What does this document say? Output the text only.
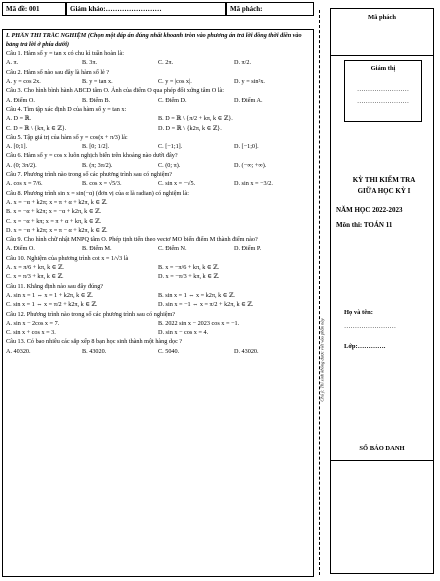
Mã đề: 001	Giám khảo:……………………	Mã phách:

I. PHẦN THI TRẮC NGHIỆM (Chọn một đáp án đúng nhất khoanh tròn vào phương án trả lời đồng thời điền vào bảng trả lời ở phía dưới)

Câu 1. Hàm số y = tan x có chu kì tuần hoàn là:

A. π.	B. 3π.	C. 2π.	D. π/2.

Câu 2. Hàm số nào sau đây là hàm số lẻ ?

A. y = cos 2x.	B. y = tan x.	C. y = |cos x|.	D. y = sin²x.

Câu 3. Cho hình bình hành ABCD tâm O. Ảnh của điểm O qua phép đối xứng tâm O là:

A. Điểm O.	B. Điểm B.	C. Điểm D.	D. Điểm A.

Câu 4. Tìm tập xác định D của hàm số y = tan x:

A. D = ℝ.	B. D = ℝ \ {π/2 + kπ, k ∈ ℤ}.

C. D = ℝ \ {kπ, k ∈ ℤ}.	D. D = ℝ \ {k2π, k ∈ ℤ}.

Câu 5. Tập giá trị của hàm số y = cos(x + π/3) là:

A. [0;1].	B. [0; 1/2].	C. [−1;1].	D. [−1;0].

Câu 6. Hàm số y = cos x luôn nghịch biến trên khoảng nào dưới đây?

A. (0; 3π/2).	B. (π; 3π/2).	C. (0; π).	D. (−∞; +∞).

Câu 7. Phương trình nào trong số các phương trình sau có nghiệm?

A. cos x = 7/6.	B. cos x = √5/3.	C. sin x = −√5.	D. sin x = −3/2.

Câu 8. Phương trình sin x = sin(−α) (đơn vị của α là radian) có nghiệm là:

A. x = −α + k2π; x = π + α + k2π, k ∈ ℤ.

B. x = −α + k2π; x = −α + k2π, k ∈ ℤ.

C. x = −α + kπ; x = π + α + kπ, k ∈ ℤ.

D. x = −α + k2π; x = π − α + k2π, k ∈ ℤ.

Câu 9. Cho hình chữ nhật MNPQ tâm O. Phép tịnh tiến theo vectơ MO biến điểm M thành điểm nào?

A. Điểm O.	B. Điểm M.	C. Điểm N.	D. Điểm P.

Câu 10. Nghiệm của phương trình cot x = 1/√3 là

A. x = π/6 + kπ, k ∈ ℤ.	B. x = −π/6 + kπ, k ∈ ℤ.

C. x = π/3 + kπ, k ∈ ℤ.	D. x = −π/3 + kπ, k ∈ ℤ.

Câu 11. Khẳng định nào sau đây đúng?

A. sin x = 1 ⇔ x = 1 + k2π, k ∈ ℤ.	B. sin x = 1 ⇔ x = k2π, k ∈ ℤ.

C. sin x = 1 ⇔ x = π/2 + k2π, k ∈ ℤ.	D. sin x = −1 ⇔ x = π/2 + k2π, k ∈ ℤ.

Câu 12. Phương trình nào trong số các phương trình sau có nghiệm?

A. sin x − 2cos x = 7.	B. 2022 sin x − 2023 cos x = −1.

C. sin x + cos x = 3.	D. sin x − cos x = 4.

Câu 13. Có bao nhiêu các sắp xếp 8 bạn học sinh thành một hàng dọc ?

A. 40320.	B. 43020.	C. 5040.	D. 43020.	Chú ý: Thí sinh không được viết vào phần này
Mã phách
Giám thị
……………………
……………………
KỲ THI KIỂM TRA
GIỮA HỌC KỲ I
NĂM HỌC 2022-2023
Môn thi: TOÁN 11
Họ và tên:
……………………
Lớp:………….
SỐ BÁO DANH
